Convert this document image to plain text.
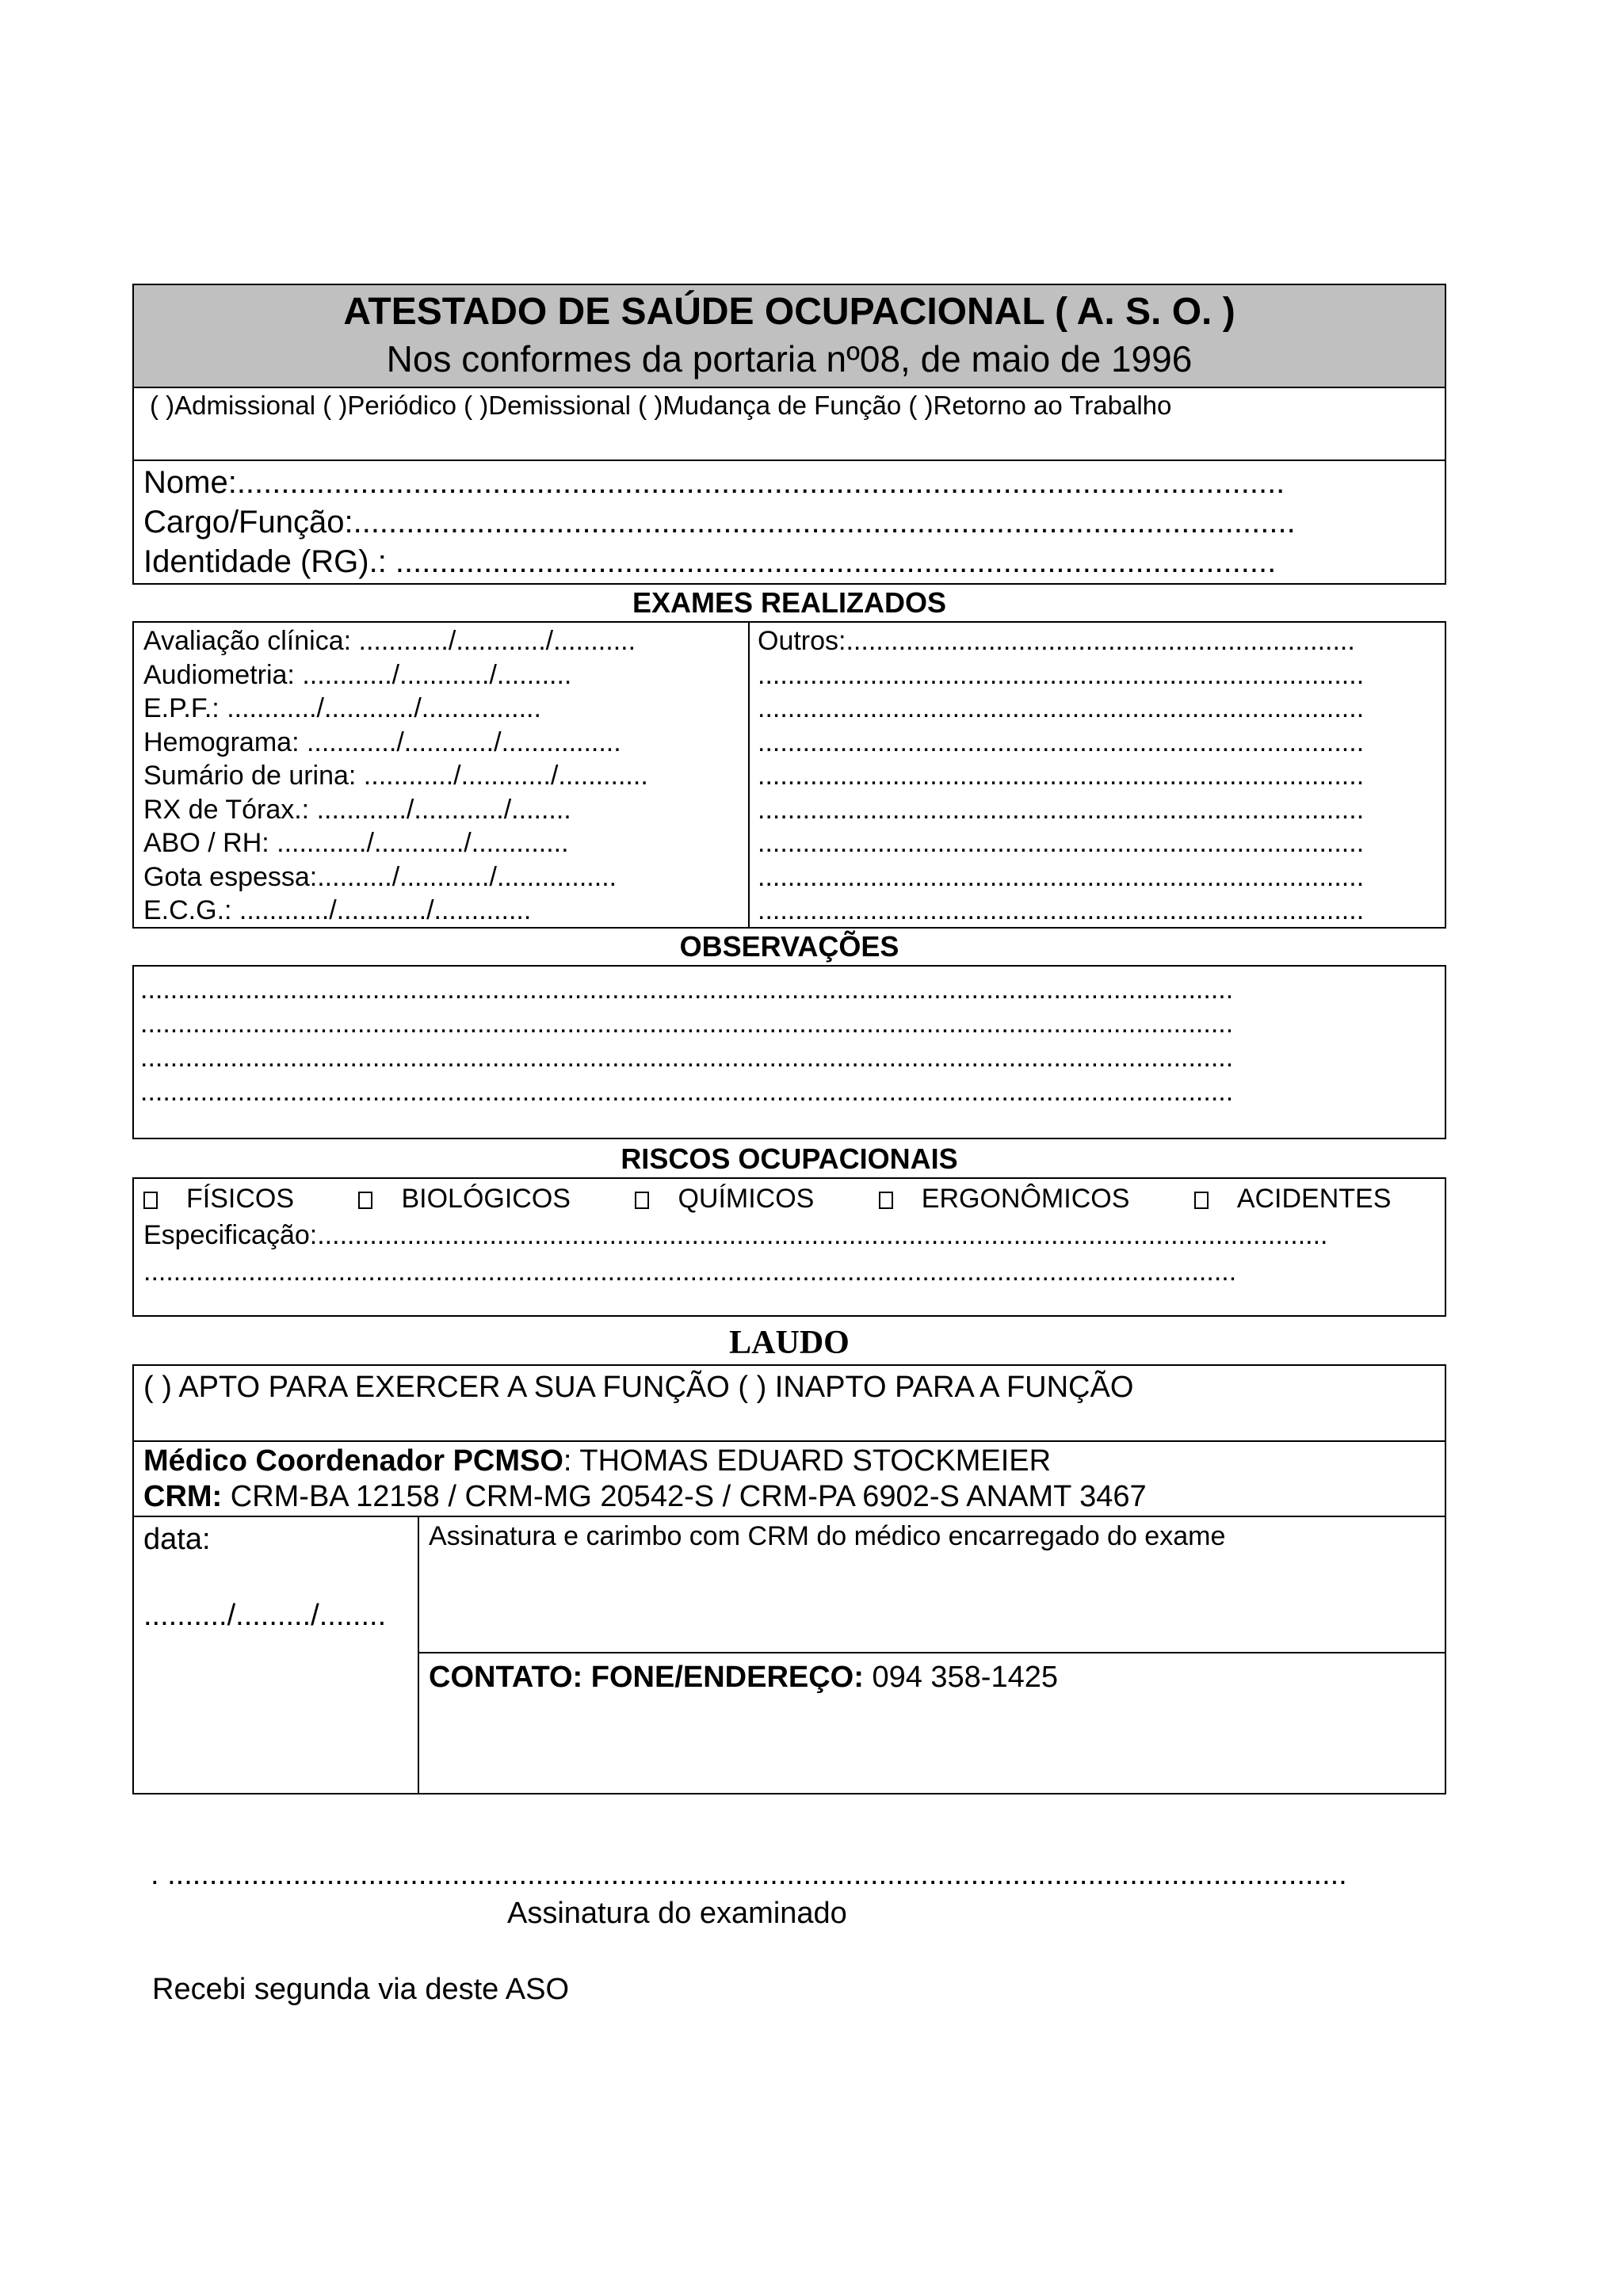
ATESTADO DE SAÚDE OCUPACIONAL ( A. S. O. )
Nos conformes da portaria nº08, de maio de 1996
( )Admissional ( )Periódico ( )Demissional ( )Mudança de Função ( )Retorno ao Trabalho
Nome:.......................................................................................................................
Cargo/Função:...........................................................................................................
Identidade (RG).: ....................................................................................................
EXAMES REALIZADOS
Avaliação clínica: ............/............/...........
Audiometria: ............/............/..........
E.P.F.: ............/............/................
Hemograma: ............/............/................
Sumário de urina: ............/............/............
RX de Tórax.: ............/............/........
ABO / RH: ............/............/.............
Gota espessa:........../............/................
E.C.G.: ............/............/.............
Outros:....................................................................
.................................................................................
.................................................................................
.................................................................................
.................................................................................
.................................................................................
.................................................................................
.................................................................................
.................................................................................
OBSERVAÇÕES
..................................................................................................................................................
..................................................................................................................................................
..................................................................................................................................................
..................................................................................................................................................
RISCOS OCUPACIONAIS
FÍSICOS	BIOLÓGICOS	QUÍMICOS	ERGONÔMICOS	ACIDENTES
Especificação:.......................................................................................................................................
..................................................................................................................................................
LAUDO
( ) APTO PARA EXERCER A SUA FUNÇÃO ( ) INAPTO PARA A FUNÇÃO
Médico Coordenador PCMSO: THOMAS EDUARD STOCKMEIER
CRM: CRM-BA 12158 / CRM-MG 20542-S / CRM-PA 6902-S ANAMT 3467
data:
........../........./........
Assinatura e carimbo com CRM do médico encarregado do exame
CONTATO: FONE/ENDEREÇO: 094 358-1425
. .............................................................................................................................................
Assinatura do examinado
Recebi segunda via deste ASO
